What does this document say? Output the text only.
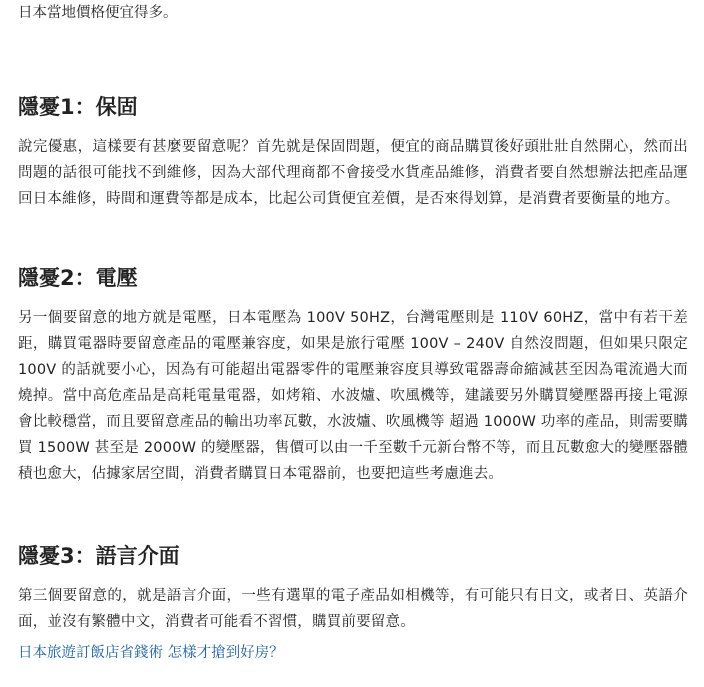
日本當地價格便宜得多。

隱憂1：保固

說完優惠，這樣要有甚麼要留意呢？首先就是保固問題，便宜的商品購買後好頭壯壯自然開心，然而出問題的話很可能找不到維修，因為大部代理商都不會接受水貨產品維修，消費者要自然想辦法把產品運回日本維修，時間和運費等都是成本，比起公司貨便宜差價，是否來得划算，是消費者要衡量的地方。

隱憂2：電壓

另一個要留意的地方就是電壓，日本電壓為 100V 50HZ，台灣電壓則是 110V 60HZ，當中有若干差距，購買電器時要留意產品的電壓兼容度，如果是旅行電壓 100V – 240V 自然沒問題，但如果只限定 100V 的話就要小心，因為有可能超出電器零件的電壓兼容度貝導致電器壽命縮減甚至因為電流過大而燒掉。當中高危產品是高耗電量電器，如烤箱、水波爐、吹風機等，建議要另外購買變壓器再接上電源會比較穩當，而且要留意產品的輸出功率瓦數，水波爐、吹風機等 超過 1000W 功率的產品，則需要購買 1500W 甚至是 2000W 的變壓器，售價可以由一千至數千元新台幣不等，而且瓦數愈大的變壓器體積也愈大，佔據家居空間，消費者購買日本電器前，也要把這些考慮進去。

隱憂3：語言介面

第三個要留意的，就是語言介面，一些有選單的電子產品如相機等，有可能只有日文，或者日、英語介面，並沒有繁體中文，消費者可能看不習慣，購買前要留意。

日本旅遊訂飯店省錢術 怎樣才搶到好房？
